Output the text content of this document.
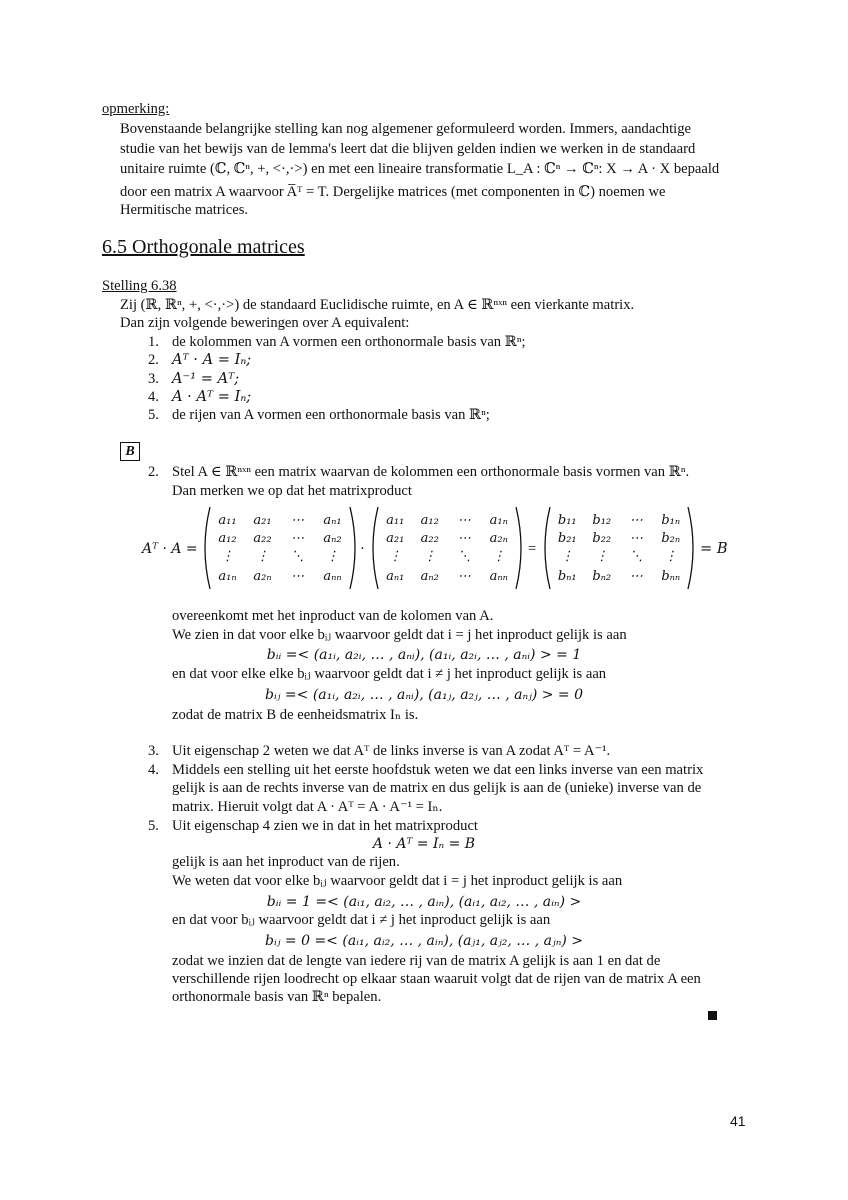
opmerking:
Bovenstaande belangrijke stelling kan nog algemener geformuleerd worden. Immers, aandachtige
studie van het bewijs van de lemma's leert dat die blijven gelden indien we werken in de standaard
unitaire ruimte (ℂ, ℂⁿ, +, <·,·>) en met een lineaire transformatie L_A : ℂⁿ → ℂⁿ: X → A · X bepaald
door een matrix A waarvoor A̅ᵀ = T. Dergelijke matrices (met componenten in ℂ) noemen we
Hermitische matrices.
6.5 Orthogonale matrices
Stelling 6.38
Zij (ℝ, ℝⁿ, +, <·,·>) de standaard Euclidische ruimte, en A ∈ ℝⁿˣⁿ een vierkante matrix.
Dan zijn volgende beweringen over A equivalent:
1. de kolommen van A vormen een orthonormale basis van ℝⁿ;
2. Aᵀ · A = Iₙ;
3. A⁻¹ = Aᵀ;
4. A · Aᵀ = Iₙ;
5. de rijen van A vormen een orthonormale basis van ℝⁿ;
B
2. Stel A ∈ ℝⁿˣⁿ een matrix waarvan de kolommen een orthonormale basis vormen van ℝⁿ.
Dan merken we op dat het matrixproduct
Aᵀ · A =
a₁₁	a₂₁	⋯	aₙ₁
a₁₂	a₂₂	⋯	aₙ₂
⋮	⋮	⋱	⋮
a₁ₙ	a₂ₙ	⋯	aₙₙ
·
a₁₁	a₁₂	⋯	a₁ₙ
a₂₁	a₂₂	⋯	a₂ₙ
⋮	⋮	⋱	⋮
aₙ₁	aₙ₂	⋯	aₙₙ
=
b₁₁	b₁₂	⋯	b₁ₙ
b₂₁	b₂₂	⋯	b₂ₙ
⋮	⋮	⋱	⋮
bₙ₁	bₙ₂	⋯	bₙₙ
= B
overeenkomt met het inproduct van de kolomen van A.
We zien in dat voor elke bᵢⱼ waarvoor geldt dat i = j het inproduct gelijk is aan
bᵢᵢ =< (a₁ᵢ, a₂ᵢ, … , aₙᵢ), (a₁ᵢ, a₂ᵢ, … , aₙᵢ) > = 1
en dat voor elke elke bᵢⱼ waarvoor geldt dat i ≠ j het inproduct gelijk is aan
bᵢⱼ =< (a₁ᵢ, a₂ᵢ, … , aₙᵢ), (a₁ⱼ, a₂ⱼ, … , aₙⱼ) > = 0
zodat de matrix B de eenheidsmatrix Iₙ is.
3. Uit eigenschap 2 weten we dat Aᵀ de links inverse is van A zodat Aᵀ = A⁻¹.
4. Middels een stelling uit het eerste hoofdstuk weten we dat een links inverse van een matrix
gelijk is aan de rechts inverse van de matrix en dus gelijk is aan de (unieke) inverse van de
matrix. Hieruit volgt dat A · Aᵀ = A · A⁻¹ = Iₙ.
5. Uit eigenschap 4 zien we in dat in het matrixproduct
A · Aᵀ = Iₙ = B
gelijk is aan het inproduct van de rijen.
We weten dat voor elke bᵢⱼ waarvoor geldt dat i = j het inproduct gelijk is aan
bᵢᵢ = 1 =< (aᵢ₁, aᵢ₂, … , aᵢₙ), (aᵢ₁, aᵢ₂, … , aᵢₙ) >
en dat voor bᵢⱼ waarvoor geldt dat i ≠ j het inproduct gelijk is aan
bᵢⱼ = 0 =< (aᵢ₁, aᵢ₂, … , aᵢₙ), (aⱼ₁, aⱼ₂, … , aⱼₙ) >
zodat we inzien dat de lengte van iedere rij van de matrix A gelijk is aan 1 en dat de
verschillende rijen loodrecht op elkaar staan waaruit volgt dat de rijen van de matrix A een
orthonormale basis van ℝⁿ bepalen.
41
